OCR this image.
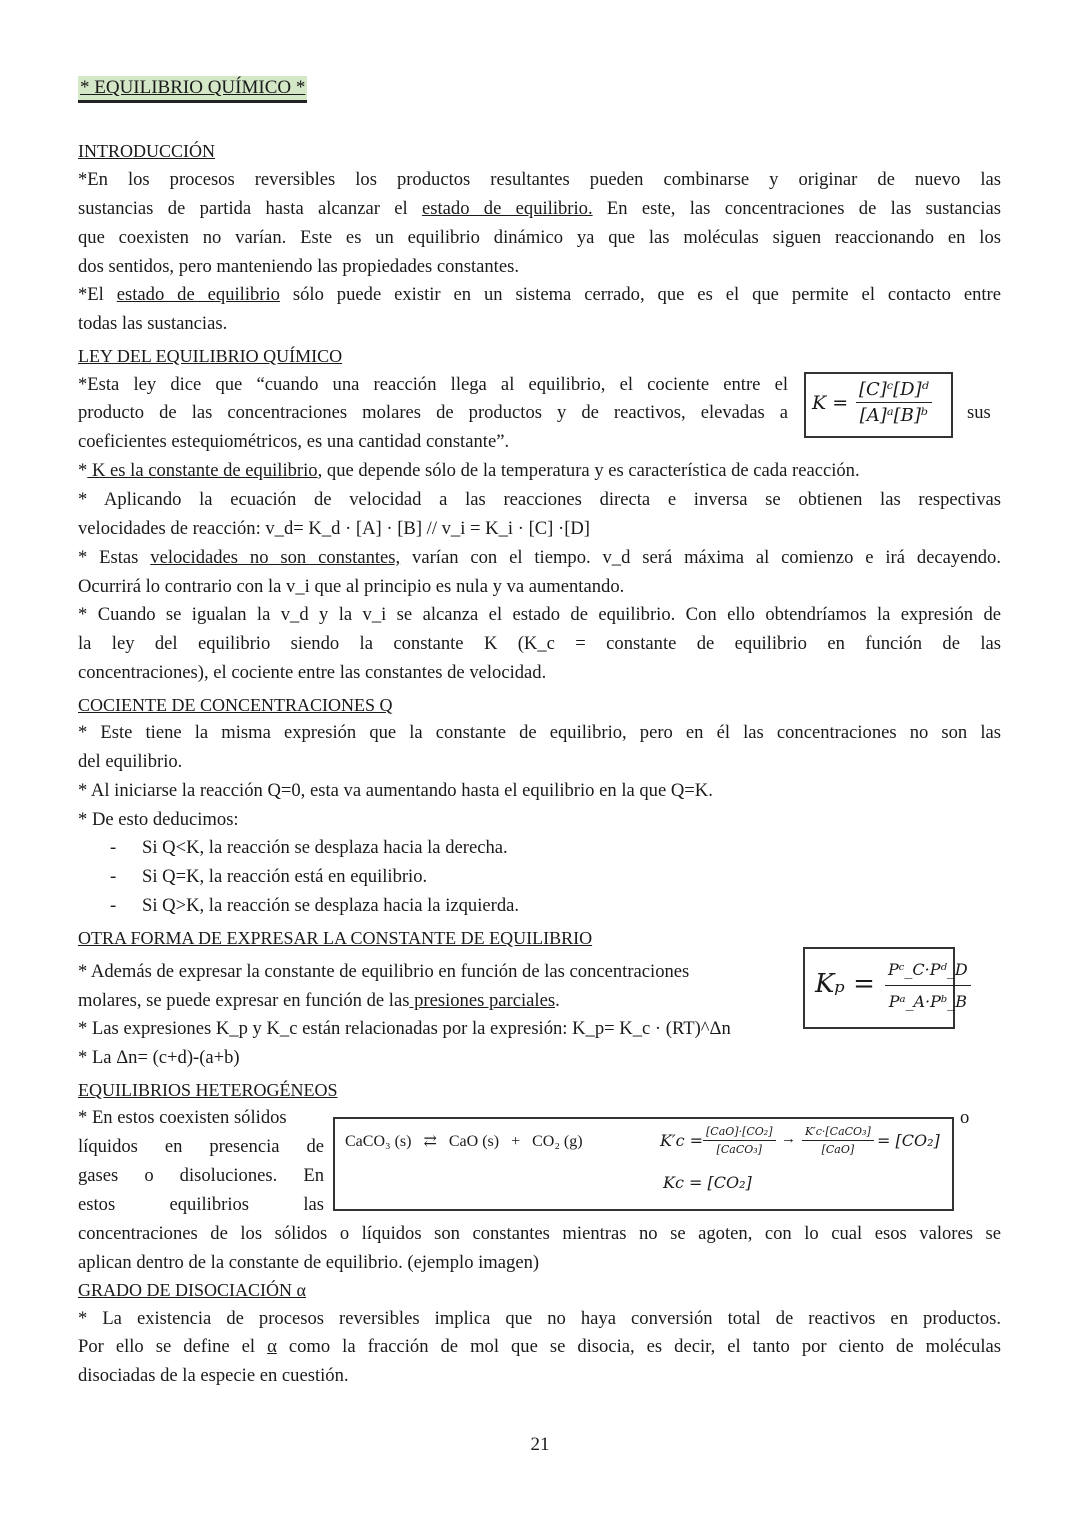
* EQUILIBRIO QUÍMICO *
INTRODUCCIÓN
*En los procesos reversibles los productos resultantes pueden combinarse y originar de nuevo las
sustancias de partida hasta alcanzar el estado de equilibrio. En este, las concentraciones de las sustancias
que coexisten no varían. Este es un equilibrio dinámico ya que las moléculas siguen reaccionando en los
dos sentidos, pero manteniendo las propiedades constantes.
*El estado de equilibrio sólo puede existir en un sistema cerrado, que es el que permite el contacto entre
todas las sustancias.
LEY DEL EQUILIBRIO QUÍMICO
*Esta ley dice que “cuando una reacción llega al equilibrio, el cociente entre el
producto de las concentraciones molares de productos y de reactivos, elevadas a	sus
coeficientes estequiométricos, es una cantidad constante”.
$K = \frac{\text{[C]ᶜ[D]ᵈ}}{\text{[A]ᵃ[B]ᵇ}}$
* K es la constante de equilibrio, que depende sólo de la temperatura y es característica de cada reacción.
* Aplicando la ecuación de velocidad a las reacciones directa e inversa se obtienen las respectivas
velocidades de reacción: v_d= K_d · [A] · [B] // v_i = K_i · [C] ·[D]
* Estas velocidades no son constantes, varían con el tiempo. v_d será máxima al comienzo e irá decayendo.
Ocurrirá lo contrario con la v_i que al principio es nula y va aumentando.
* Cuando se igualan la v_d y la v_i se alcanza el estado de equilibrio. Con ello obtendríamos la expresión de
la ley del equilibrio siendo la constante K (K_c = constante de equilibrio en función de las
concentraciones), el cociente entre las constantes de velocidad.
COCIENTE DE CONCENTRACIONES Q
* Este tiene la misma expresión que la constante de equilibrio, pero en él las concentraciones no son las
del equilibrio.
* Al iniciarse la reacción Q=0, esta va aumentando hasta el equilibrio en la que Q=K.
* De esto deducimos:
- Si Q<K, la reacción se desplaza hacia la derecha.
- Si Q=K, la reacción está en equilibrio.
- Si Q>K, la reacción se desplaza hacia la izquierda.
OTRA FORMA DE EXPRESAR LA CONSTANTE DE EQUILIBRIO
* Además de expresar la constante de equilibrio en función de las concentraciones
molares, se puede expresar en función de las presiones parciales.
* Las expresiones K_p y K_c están relacionadas por la expresión: K_p= K_c · (RT)^Δn
* La Δn= (c+d)-(a+b)
$K_p = \frac{\text{Pᶜ\_C·Pᵈ\_D}}{\text{Pᵃ\_A·Pᵇ\_B}}$
EQUILIBRIOS HETEROGÉNEOS
* En estos coexisten sólidos	o
líquidos en presencia de
gases o disoluciones. En
estos equilibrios las
CaCO₃ (s)   ⇄   CaO (s)   +   CO₂ (g)	K′c = [CaO]·[CO₂]
[CaCO₃]
→ K′c·[CaCO₃]
[CaO]	= [CO₂]
Kc = [CO₂]
concentraciones de los sólidos o líquidos son constantes mientras no se agoten, con lo cual esos valores se
aplican dentro de la constante de equilibrio. (ejemplo imagen)
GRADO DE DISOCIACIÓN α
* La existencia de procesos reversibles implica que no haya conversión total de reactivos en productos.
Por ello se define el α como la fracción de mol que se disocia, es decir, el tanto por ciento de moléculas
disociadas de la especie en cuestión.
21
